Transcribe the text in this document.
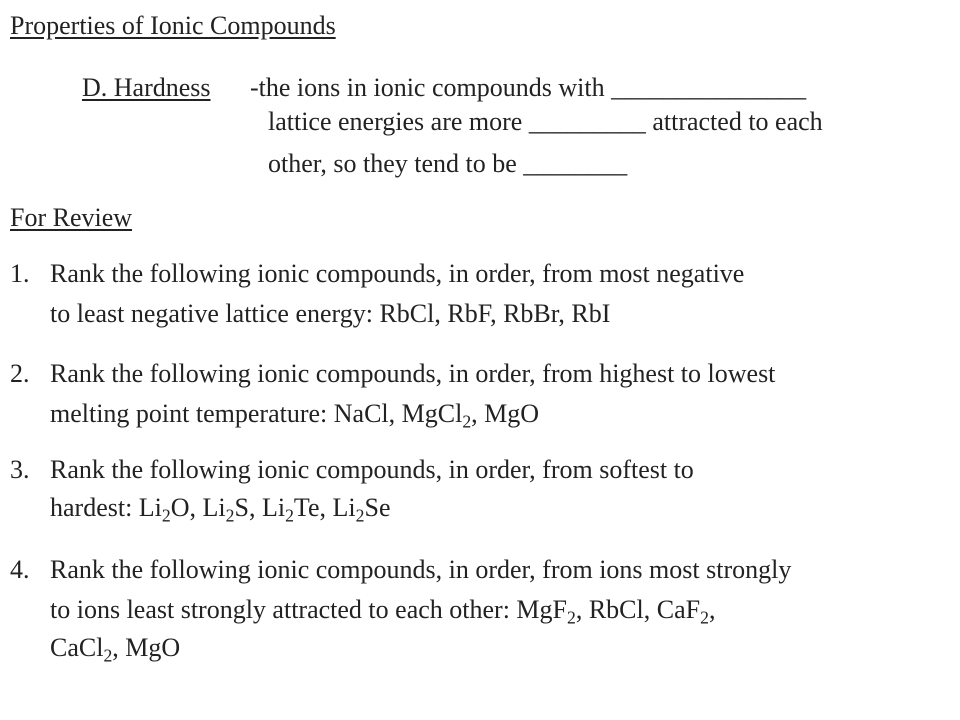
Properties of Ionic Compounds
D. Hardness -the ions in ionic compounds with _______________
lattice energies are more _________ attracted to each
other, so they tend to be ________
For Review
1. Rank the following ionic compounds, in order, from most negative
to least negative lattice energy: RbCl, RbF, RbBr, RbI
2. Rank the following ionic compounds, in order, from highest to lowest
melting point temperature: NaCl, MgCl$_2$, MgO
3. Rank the following ionic compounds, in order, from softest to
hardest: $Li_2O$, $Li_2S$, $Li_2Te$, $Li_2Se$
4. Rank the following ionic compounds, in order, from ions most strongly
to ions least strongly attracted to each other: MgF$_2$, RbCl, CaF$_2$,
CaCl$_2$, MgO
